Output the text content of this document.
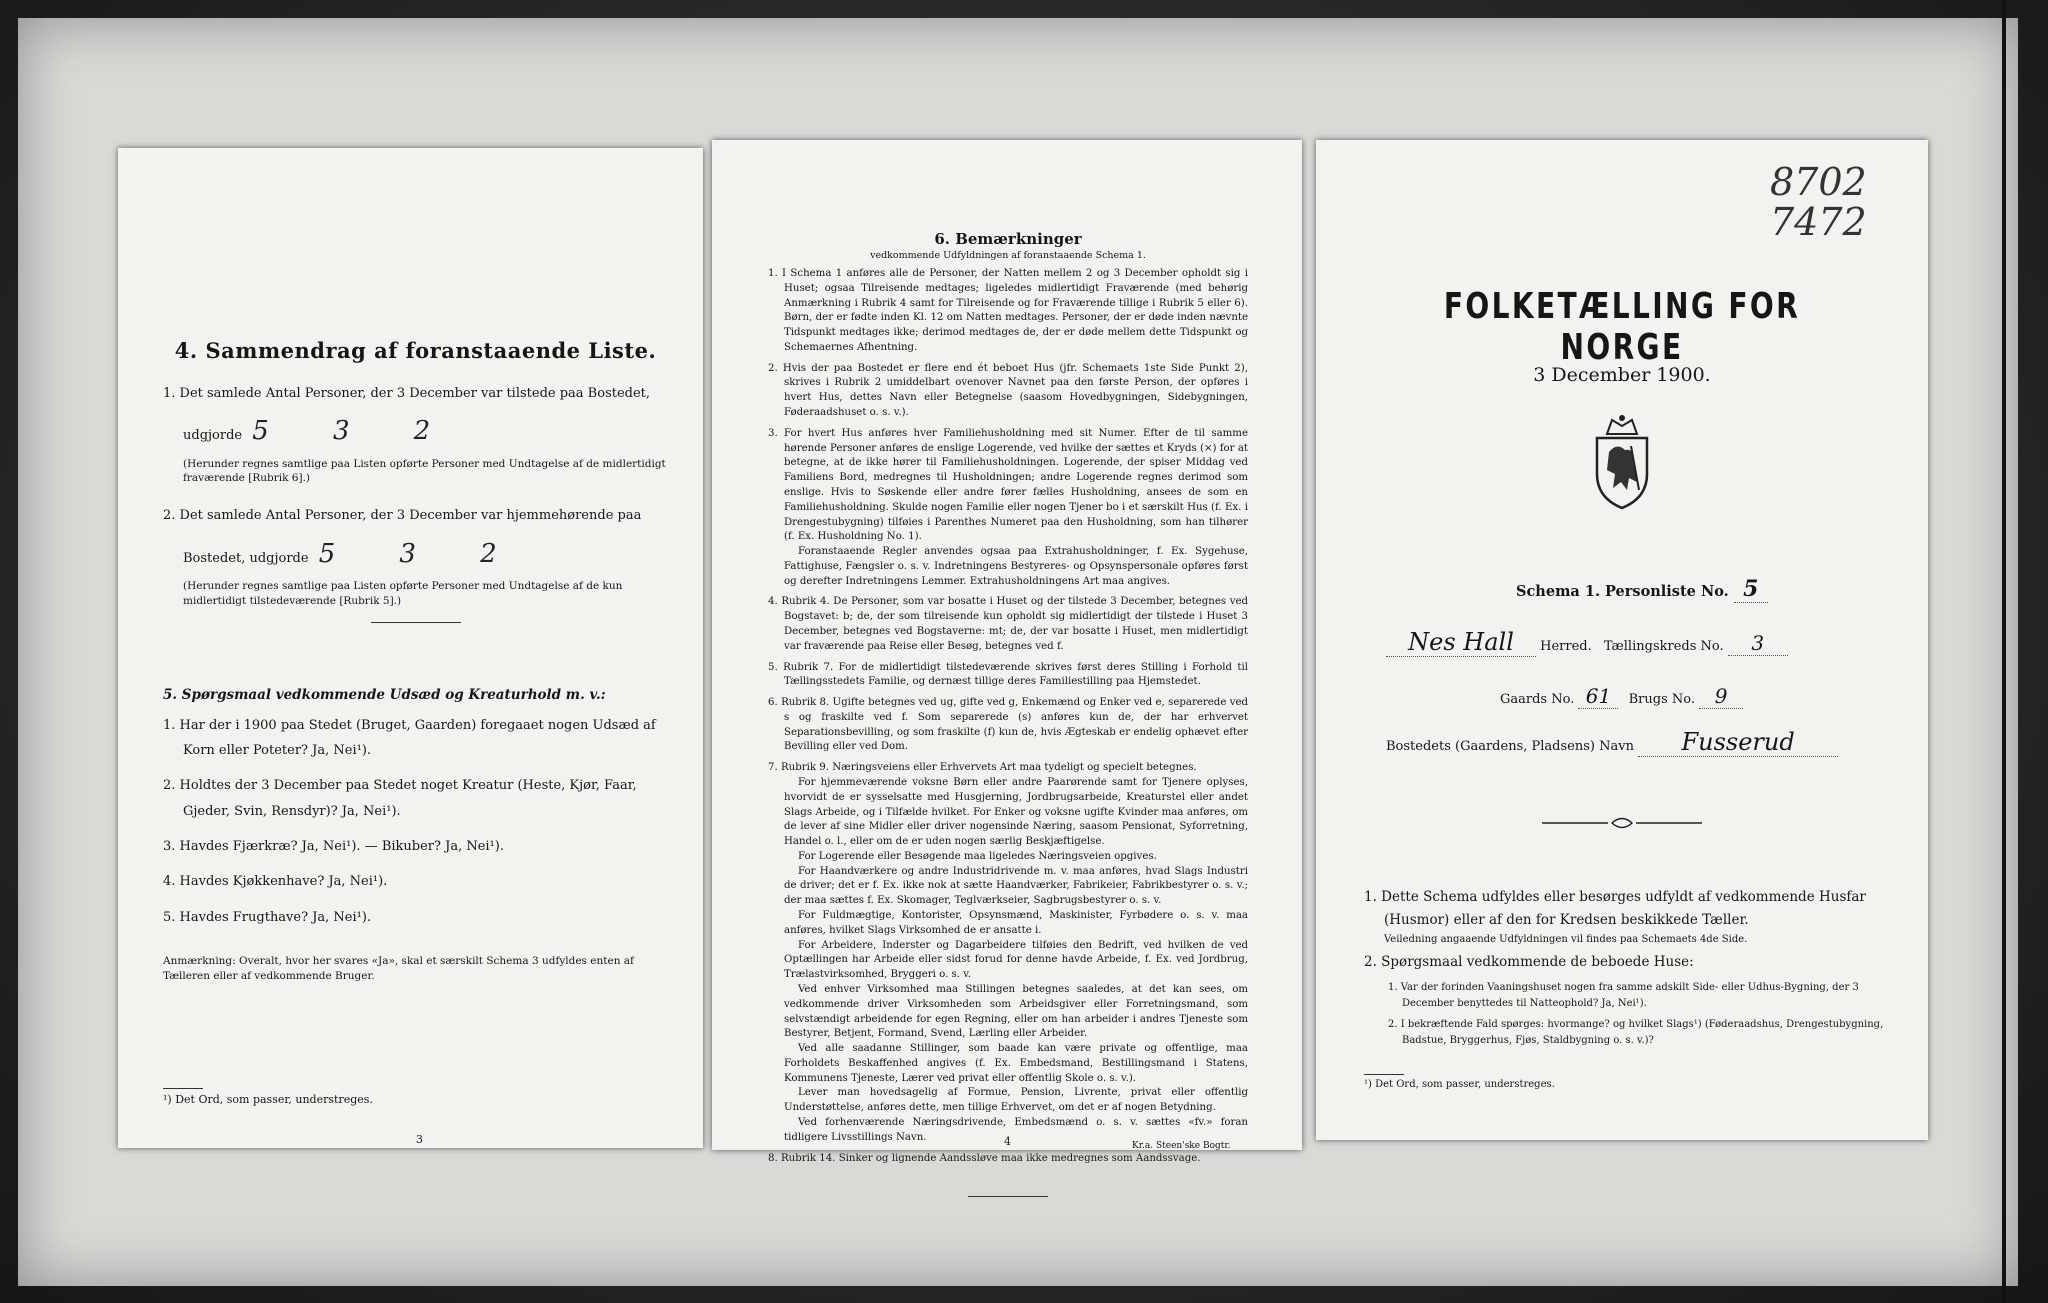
4. Sammendrag af foranstaaende Liste.
1. Det samlede Antal Personer, der 3 December var tilstede paa Bostedet, udgjorde 5 3 2
(Herunder regnes samtlige paa Listen opførte Personer med Undtagelse af de midlertidigt fraværende [Rubrik 6].)
2. Det samlede Antal Personer, der 3 December var hjemmehørende paa Bostedet, udgjorde 5 3 2
(Herunder regnes samtlige paa Listen opførte Personer med Undtagelse af de kun midlertidigt tilstedeværende [Rubrik 5].)
5. Spørgsmaal vedkommende Udsæd og Kreaturhold m. v.:
1. Har der i 1900 paa Stedet (Bruget, Gaarden) foregaaet nogen Udsæd af Korn eller Poteter? Ja, Nei¹).
2. Holdtes der 3 December paa Stedet noget Kreatur (Heste, Kjør, Faar, Gjeder, Svin, Rensdyr)? Ja, Nei¹).
3. Havdes Fjærkræ? Ja, Nei¹). — Bikuber? Ja, Nei¹).
4. Havdes Kjøkkenhave? Ja, Nei¹).
5. Havdes Frugthave? Ja, Nei¹).
Anmærkning: Overalt, hvor her svares «Ja», skal et særskilt Schema 3 udfyldes enten af Tælleren eller af vedkommende Bruger.
¹) Det Ord, som passer, understreges.
3
6. Bemærkninger
vedkommende Udfyldningen af foranstaaende Schema 1.
1. I Schema 1 anføres alle de Personer, der Natten mellem 2 og 3 December opholdt sig i Huset; ogsaa Tilreisende medtages; ligeledes midlertidigt Fraværende (med behørig Anmærkning i Rubrik 4 samt for Tilreisende og for Fraværende tillige i Rubrik 5 eller 6). Børn, der er fødte inden Kl. 12 om Natten medtages. Personer, der er døde inden nævnte Tidspunkt medtages ikke; derimod medtages de, der er døde mellem dette Tidspunkt og Schemaernes Afhentning.
2. Hvis der paa Bostedet er flere end ét beboet Hus (jfr. Schemaets 1ste Side Punkt 2), skrives i Rubrik 2 umiddelbart ovenover Navnet paa den første Person, der opføres i hvert Hus, dettes Navn eller Betegnelse (saasom Hovedbygningen, Sidebygningen, Føderaadshuset o. s. v.).
3. For hvert Hus anføres hver Familiehusholdning med sit Numer. Efter de til samme hørende Personer anføres de enslige Logerende, ved hvilke der sættes et Kryds (×) for at betegne, at de ikke hører til Familiehusholdningen. Logerende, der spiser Middag ved Familiens Bord, medregnes til Husholdningen; andre Logerende regnes derimod som enslige. Hvis to Søskende eller andre fører fælles Husholdning, ansees de som en Familiehusholdning. Skulde nogen Familie eller nogen Tjener bo i et særskilt Hus (f. Ex. i Drengestubygning) tilføies i Parenthes Numeret paa den Husholdning, som han tilhører (f. Ex. Husholdning No. 1).
Foranstaaende Regler anvendes ogsaa paa Extrahusholdninger, f. Ex. Sygehuse, Fattighuse, Fængsler o. s. v. Indretningens Bestyreres- og Opsynspersonale opføres først og derefter Indretningens Lemmer. Extrahusholdningens Art maa angives.
4. Rubrik 4. De Personer, som var bosatte i Huset og der tilstede 3 December, betegnes ved Bogstavet: b; de, der som tilreisende kun opholdt sig midlertidigt der tilstede i Huset 3 December, betegnes ved Bogstaverne: mt; de, der var bosatte i Huset, men midlertidigt var fraværende paa Reise eller Besøg, betegnes ved f.
5. Rubrik 7. For de midlertidigt tilstedeværende skrives først deres Stilling i Forhold til Tællingsstedets Familie, og dernæst tillige deres Familiestilling paa Hjemstedet.
6. Rubrik 8. Ugifte betegnes ved ug, gifte ved g, Enkemænd og Enker ved e, separerede ved s og fraskilte ved f. Som separerede (s) anføres kun de, der har erhvervet Separationsbevilling, og som fraskilte (f) kun de, hvis Ægteskab er endelig ophævet efter Bevilling eller ved Dom.
7. Rubrik 9. Næringsveiens eller Erhvervets Art maa tydeligt og specielt betegnes.
For hjemmeværende voksne Børn eller andre Paarørende samt for Tjenere oplyses, hvorvidt de er sysselsatte med Husgjerning, Jordbrugsarbeide, Kreaturstel eller andet Slags Arbeide, og i Tilfælde hvilket. For Enker og voksne ugifte Kvinder maa anføres, om de lever af sine Midler eller driver nogensinde Næring, saasom Pensionat, Syforretning, Handel o. l., eller om de er uden nogen særlig Beskjæftigelse.
For Logerende eller Besøgende maa ligeledes Næringsveien opgives.
For Haandværkere og andre Industridrivende m. v. maa anføres, hvad Slags Industri de driver; det er f. Ex. ikke nok at sætte Haandværker, Fabrikeier, Fabrikbestyrer o. s. v.; der maa sættes f. Ex. Skomager, Teglværkseier, Sagbrugsbestyrer o. s. v.
For Fuldmægtige, Kontorister, Opsynsmænd, Maskinister, Fyrbødere o. s. v. maa anføres, hvilket Slags Virksomhed de er ansatte i.
For Arbeidere, Inderster og Dagarbeidere tilføies den Bedrift, ved hvilken de ved Optællingen har Arbeide eller sidst forud for denne havde Arbeide, f. Ex. ved Jordbrug, Trælastvirksomhed, Bryggeri o. s. v.
Ved enhver Virksomhed maa Stillingen betegnes saaledes, at det kan sees, om vedkommende driver Virksomheden som Arbeidsgiver eller Forretningsmand, som selvstændigt arbeidende for egen Regning, eller om han arbeider i andres Tjeneste som Bestyrer, Betjent, Formand, Svend, Lærling eller Arbeider.
Ved alle saadanne Stillinger, som baade kan være private og offentlige, maa Forholdets Beskaffenhed angives (f. Ex. Embedsmand, Bestillingsmand i Statens, Kommunens Tjeneste, Lærer ved privat eller offentlig Skole o. s. v.).
Lever man hovedsagelig af Formue, Pension, Livrente, privat eller offentlig Understøttelse, anføres dette, men tillige Erhvervet, om det er af nogen Betydning.
Ved forhenværende Næringsdrivende, Embedsmænd o. s. v. sættes «fv.» foran tidligere Livsstillings Navn.
8. Rubrik 14. Sinker og lignende Aandssløve maa ikke medregnes som Aandssvage.
4	Kr.a. Steen'ske Bogtr.
FOLKETÆLLING FOR NORGE
3 December 1900.
Schema 1. Personliste No. 5
Nes Hall Herred. Tællingskreds No. 3
Gaards No. 61 Brugs No. 9
Bostedets (Gaardens, Pladsens) Navn Fusserud
1. Dette Schema udfyldes eller besørges udfyldt af vedkommende Husfar (Husmor) eller af den for Kredsen beskikkede Tæller.
Veiledning angaaende Udfyldningen vil findes paa Schemaets 4de Side.
2. Spørgsmaal vedkommende de beboede Huse:
1. Var der forinden Vaaningshuset nogen fra samme adskilt Side- eller Udhus-Bygning, der 3 December benyttedes til Natteophold? Ja, Nei¹).
2. I bekræftende Fald spørges: hvormange? og hvilket Slags¹) (Føderaadshus, Drengestubygning, Badstue, Bryggerhus, Fjøs, Staldbygning o. s. v.)?
¹) Det Ord, som passer, understreges.
8702
7472
